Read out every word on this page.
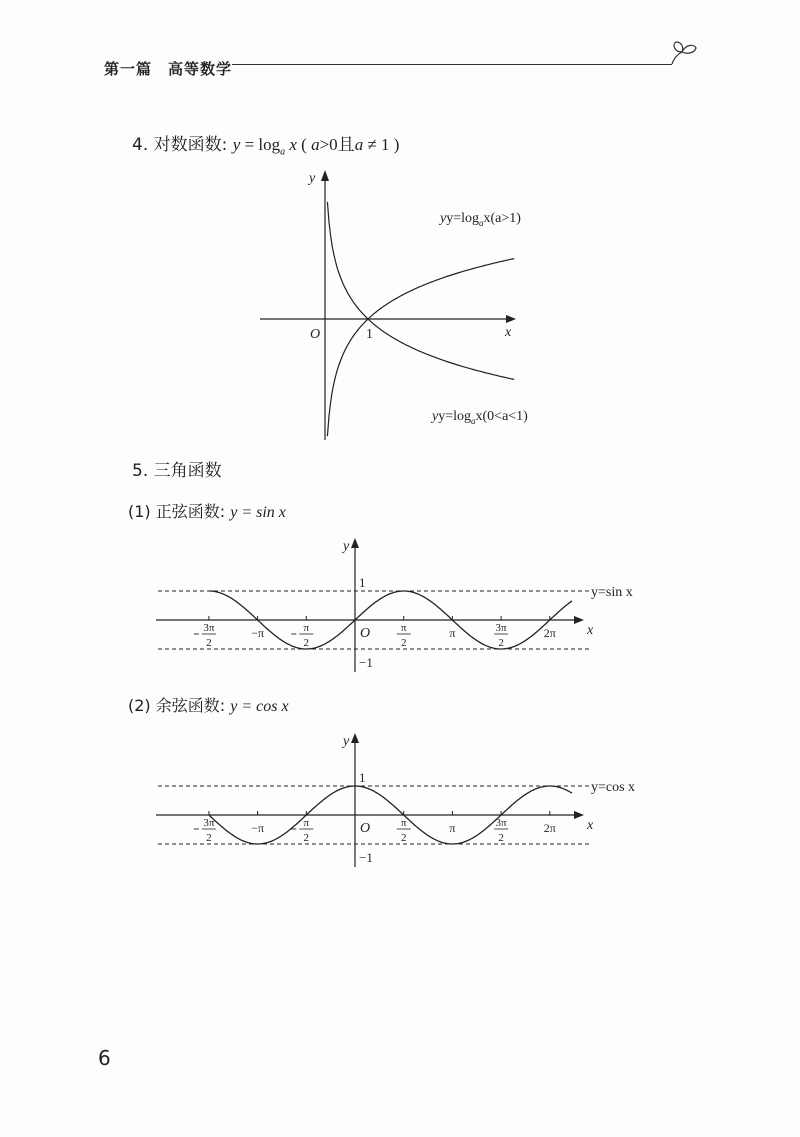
第一篇 高等数学
4. 对数函数: $y = \log_a x$ ( a>0且a ≠ 1 )
x
y
O	1
$yy=\log_ax(a>1)$
$yy=\log_ax(0<a<1)$
5. 三角函数
(1) 正弦函数: y = sin x
x
y
O
1
−1
y=sin x
3π
2
−π	π
2
π
2
π	3π
2
2π
(2) 余弦函数: y = cos x
x
y
O
1
−1
y=cos x
3π
2
−π	π
2
π
2
π	3π
2
2π
6
